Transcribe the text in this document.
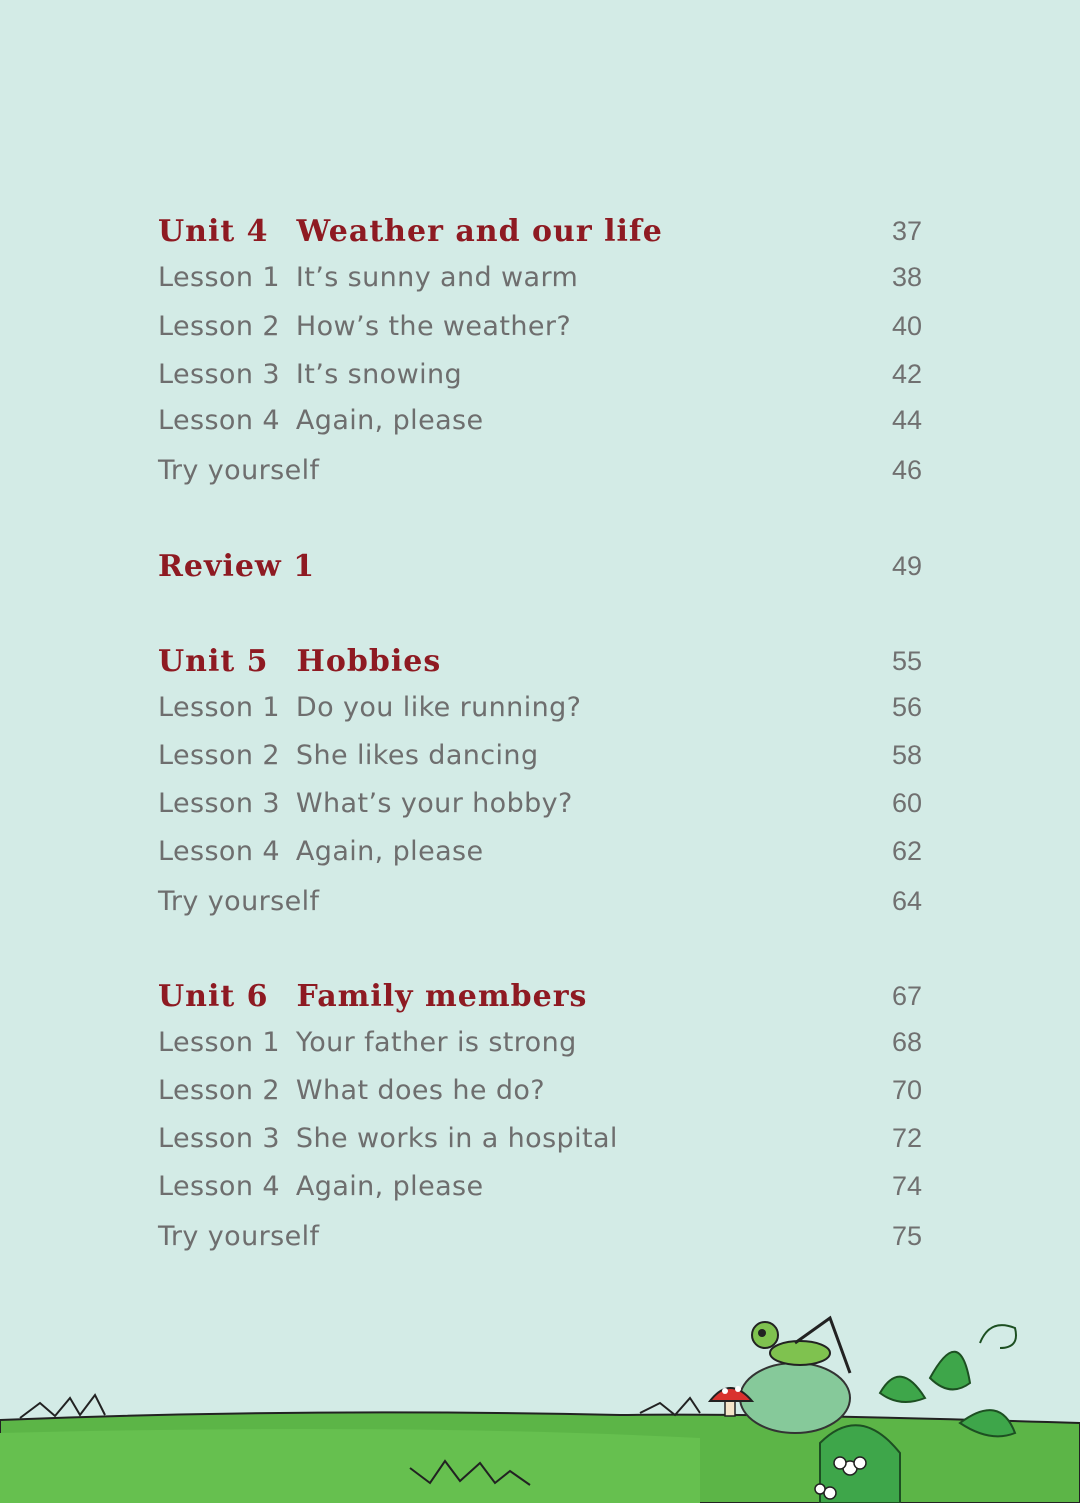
Unit 4 Weather and our life	37
Lesson 1 It’s sunny and warm	38
Lesson 2 How’s the weather?	40
Lesson 3 It’s snowing	42
Lesson 4 Again, please	44
Try yourself	46
Review 1	49
Unit 5 Hobbies	55
Lesson 1 Do you like running?	56
Lesson 2 She likes dancing	58
Lesson 3 What’s your hobby?	60
Lesson 4 Again, please	62
Try yourself	64
Unit 6 Family members	67
Lesson 1 Your father is strong	68
Lesson 2 What does he do?	70
Lesson 3 She works in a hospital	72
Lesson 4 Again, please	74
Try yourself	75
